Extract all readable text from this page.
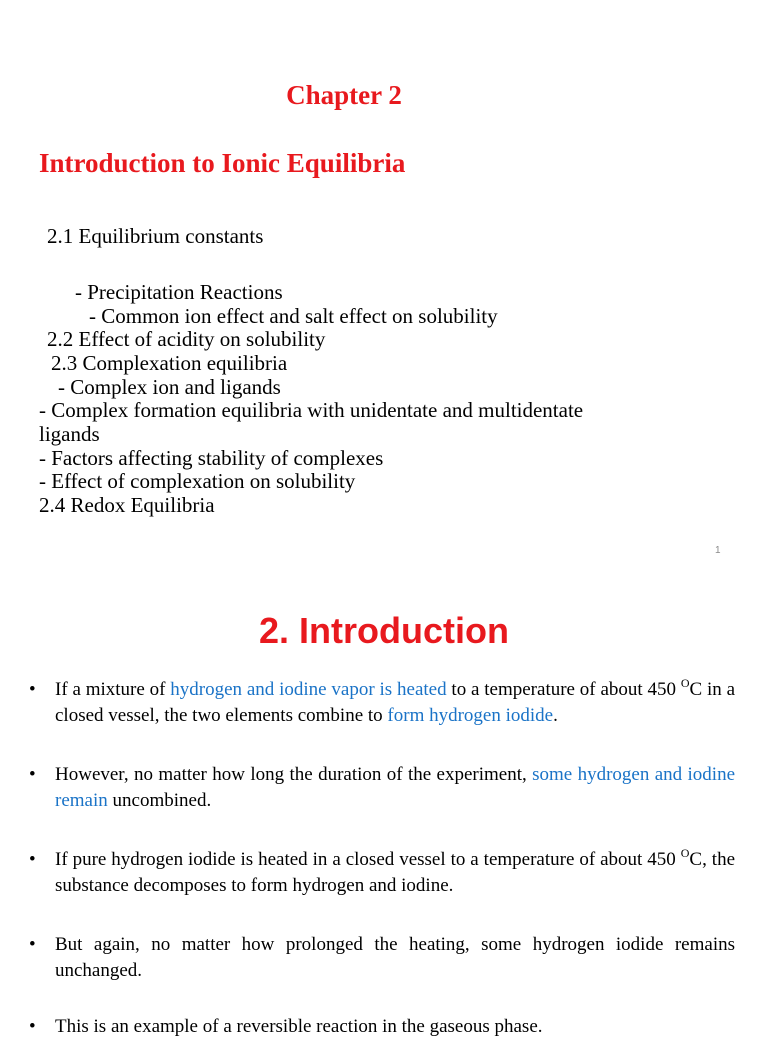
Chapter 2
Introduction to Ionic Equilibria
2.1 Equilibrium constants
- Precipitation Reactions
- Common ion effect and salt effect on solubility
2.2 Effect of acidity on solubility
2.3 Complexation equilibria
- Complex ion and ligands
- Complex formation equilibria with unidentate and multidentate
ligands
- Factors affecting stability of complexes
- Effect of complexation on solubility
2.4 Redox Equilibria
1
2. Introduction
• If a mixture of hydrogen and iodine vapor is heated to a temperature of about 450 $^O$C in a closed vessel, the two elements combine to form hydrogen iodide.
• However, no matter how long the duration of the experiment, some hydrogen and iodine remain uncombined.
• If pure hydrogen iodide is heated in a closed vessel to a temperature of about 450 $^O$C, the substance decomposes to form hydrogen and iodine.
• But again, no matter how prolonged the heating, some hydrogen iodide remains unchanged.
• This is an example of a reversible reaction in the gaseous phase.
